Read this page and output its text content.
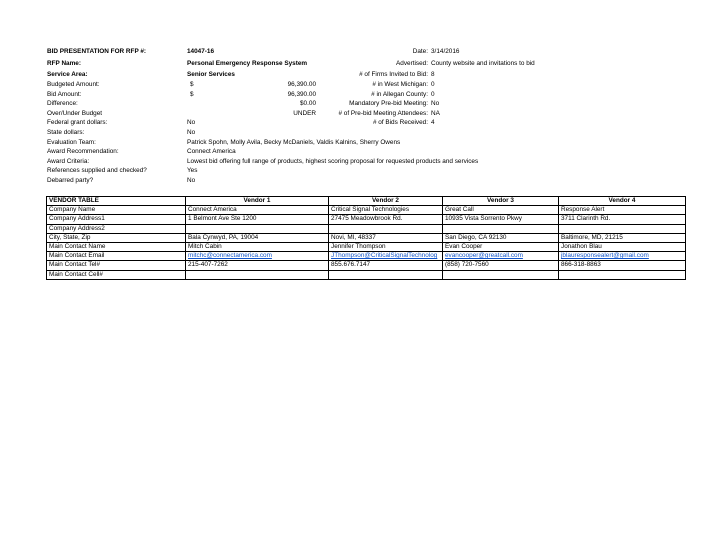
BID PRESENTATION FOR RFP #:	14047-16
RFP Name:	Personal Emergency Response System
Service Area:	Senior Services
Budgeted Amount:	$	96,390.00
Bid Amount:	$	96,390.00
Difference:	$0.00
Over/Under Budget	UNDER
Federal grant dollars:	No
State dollars:	No
Evaluation Team:	Patrick Spohn, Molly Avila, Becky McDaniels, Valdis Kalnins, Sherry Owens
Award Recommendation:	Connect America
Award Criteria:	Lowest bid offering full range of products, highest scoring proposal for requested products and services
References supplied and checked?	Yes
Debarred party?	No
Date: 3/14/2016
Advertised: County website and invitations to bid
# of Firms Invited to Bid: 8
# in West Michigan: 0
# in Allegan County: 0
Mandatory Pre-bid Meeting: No
# of Pre-bid Meeting Attendees: NA
# of Bids Received: 4
VENDOR TABLE	Vendor 1	Vendor 2	Vendor 3	Vendor 4
Company Name	Connect America	Critical Signal Technologies	Great Call	Response Alert
Company Address1	1 Belmont Ave Ste 1200	27475 Meadowbrook Rd.	10935 Vista Sorrento Pkwy	3711 Clarinth Rd.
Company Address2				
City, State, Zip	Bala Cynwyd, PA, 19004	Novi, MI, 48337	San Diego, CA 92130	Baltimore, MD, 21215
Main Contact Name	Mitch Cabin	Jennifer Thompson	Evan Cooper	Jonathon Blau
Main Contact Email	mitchc@connectamerica.com	JThompson@CriticalSignalTechnolog	evancooper@greatcall.com	jblauresponsealert@gmail.com
Main Contact Tel#	215-407-7262	855.676.7147	(858) 720-7560	866-318-8863
Main Contact Cell#				
